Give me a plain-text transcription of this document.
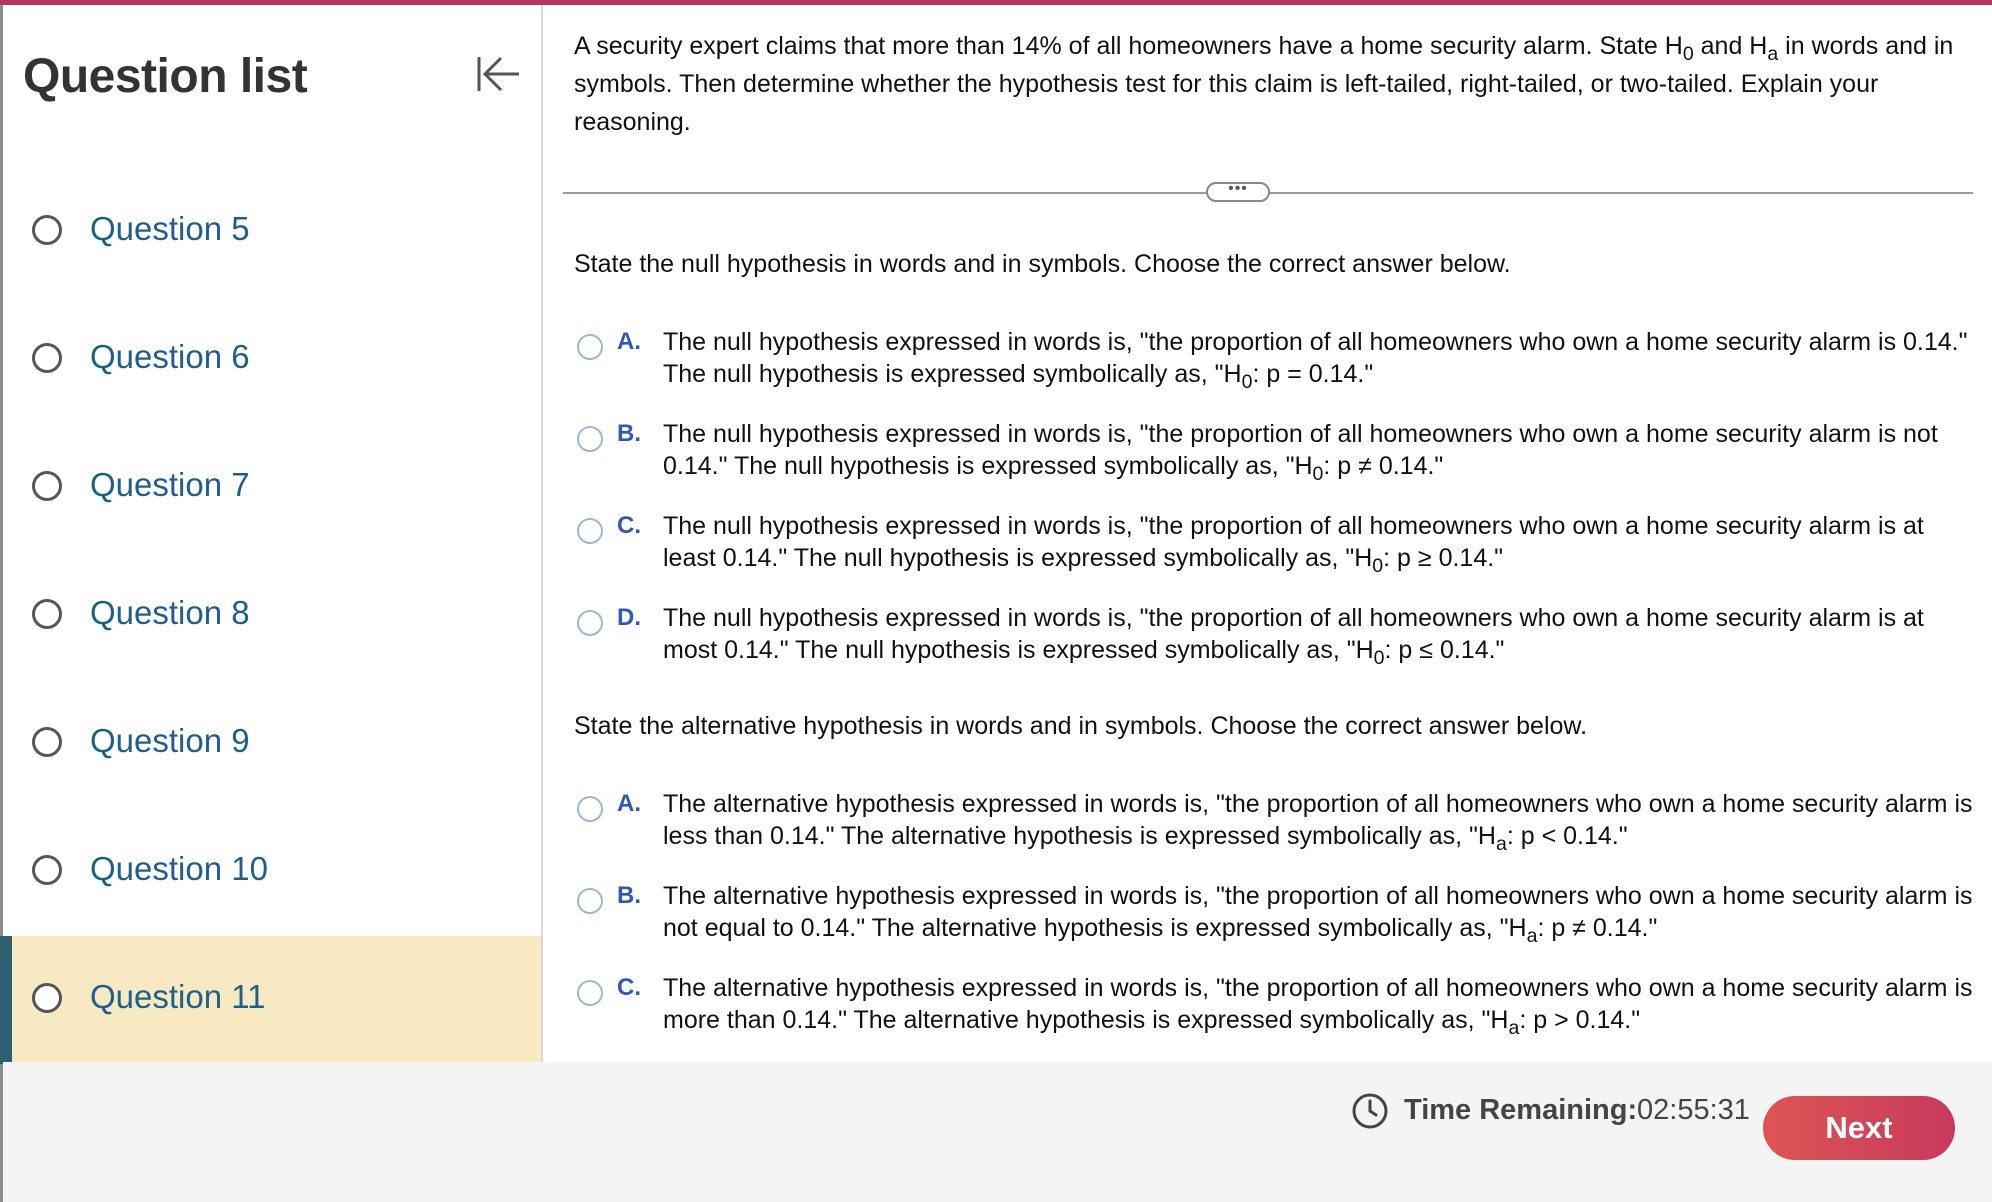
Question list
Question 5
Question 6
Question 7
Question 8
Question 9
Question 10
Question 11
A security expert claims that more than 14% of all homeowners have a home security alarm. State $H_0$ and $H_a$ in words and in symbols. Then determine whether the hypothesis test for this claim is left-tailed, right-tailed, or two-tailed. Explain your reasoning.
•••
State the null hypothesis in words and in symbols. Choose the correct answer below.
A. The null hypothesis expressed in words is, "the proportion of all homeowners who own a home security alarm is 0.14." The null hypothesis is expressed symbolically as, "$H_0$: p = 0.14."
B. The null hypothesis expressed in words is, "the proportion of all homeowners who own a home security alarm is not 0.14." The null hypothesis is expressed symbolically as, "$H_0$: p ≠ 0.14."
C. The null hypothesis expressed in words is, "the proportion of all homeowners who own a home security alarm is at least 0.14." The null hypothesis is expressed symbolically as, "$H_0$: p ≥ 0.14."
D. The null hypothesis expressed in words is, "the proportion of all homeowners who own a home security alarm is at most 0.14." The null hypothesis is expressed symbolically as, "$H_0$: p ≤ 0.14."
State the alternative hypothesis in words and in symbols. Choose the correct answer below.
A. The alternative hypothesis expressed in words is, "the proportion of all homeowners who own a home security alarm is less than 0.14." The alternative hypothesis is expressed symbolically as, "$H_a$: p < 0.14."
B. The alternative hypothesis expressed in words is, "the proportion of all homeowners who own a home security alarm is not equal to 0.14." The alternative hypothesis is expressed symbolically as, "$H_a$: p ≠ 0.14."
C. The alternative hypothesis expressed in words is, "the proportion of all homeowners who own a home security alarm is more than 0.14." The alternative hypothesis is expressed symbolically as, "$H_a$: p > 0.14."
Time Remaining: 02:55:31	Next
